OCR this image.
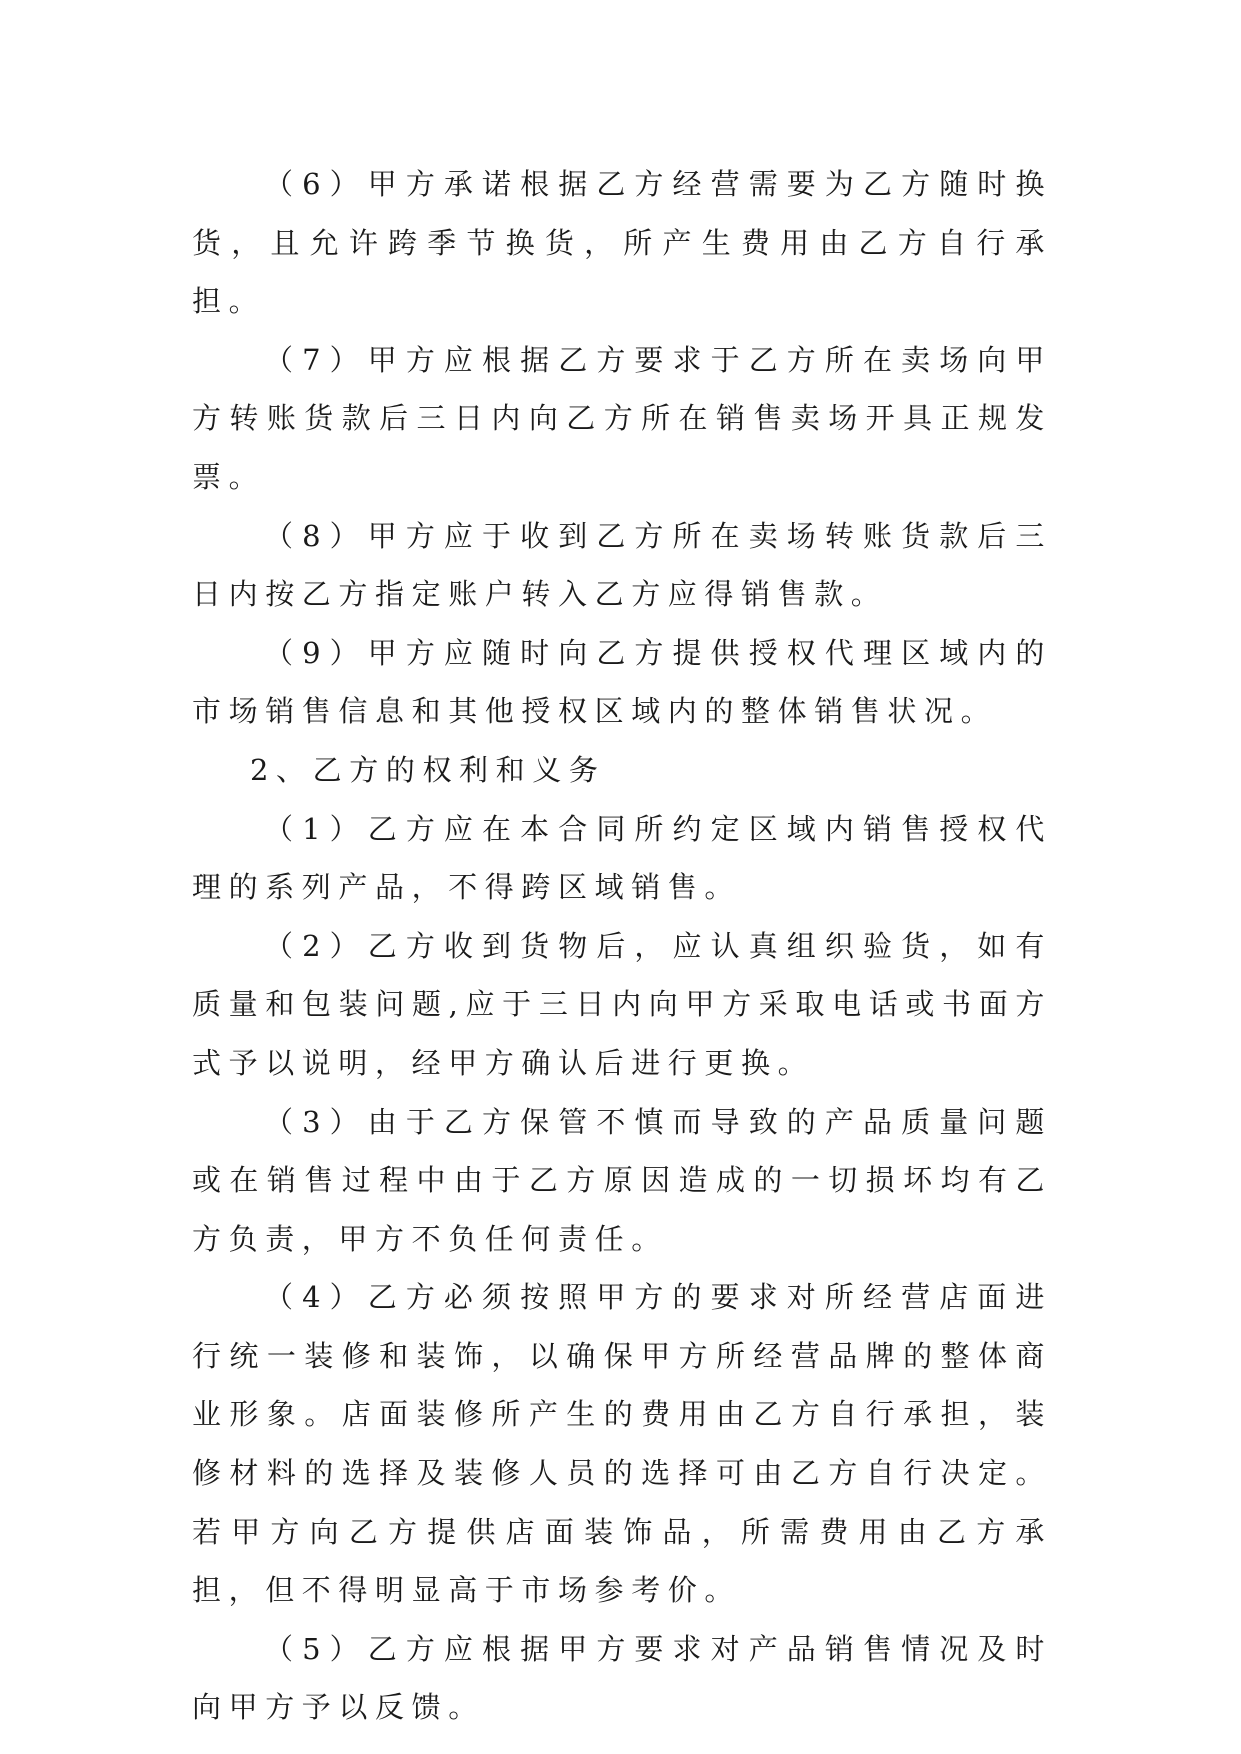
（6）甲方承诺根据乙方经营需要为乙方随时换货，且允许跨季节换货，所产生费用由乙方自行承担。

（7）甲方应根据乙方要求于乙方所在卖场向甲方转账货款后三日内向乙方所在销售卖场开具正规发票。

（8）甲方应于收到乙方所在卖场转账货款后三日内按乙方指定账户转入乙方应得销售款。

（9）甲方应随时向乙方提供授权代理区域内的市场销售信息和其他授权区域内的整体销售状况。

2、乙方的权利和义务

（1）乙方应在本合同所约定区域内销售授权代理的系列产品，不得跨区域销售。

（2）乙方收到货物后，应认真组织验货，如有质量和包装问题,应于三日内向甲方采取电话或书面方式予以说明，经甲方确认后进行更换。

（3）由于乙方保管不慎而导致的产品质量问题或在销售过程中由于乙方原因造成的一切损坏均有乙方负责，甲方不负任何责任。

（4）乙方必须按照甲方的要求对所经营店面进行统一装修和装饰，以确保甲方所经营品牌的整体商业形象。店面装修所产生的费用由乙方自行承担，装修材料的选择及装修人员的选择可由乙方自行决定。若甲方向乙方提供店面装饰品，所需费用由乙方承担，但不得明显高于市场参考价。

（5）乙方应根据甲方要求对产品销售情况及时向甲方予以反馈。
